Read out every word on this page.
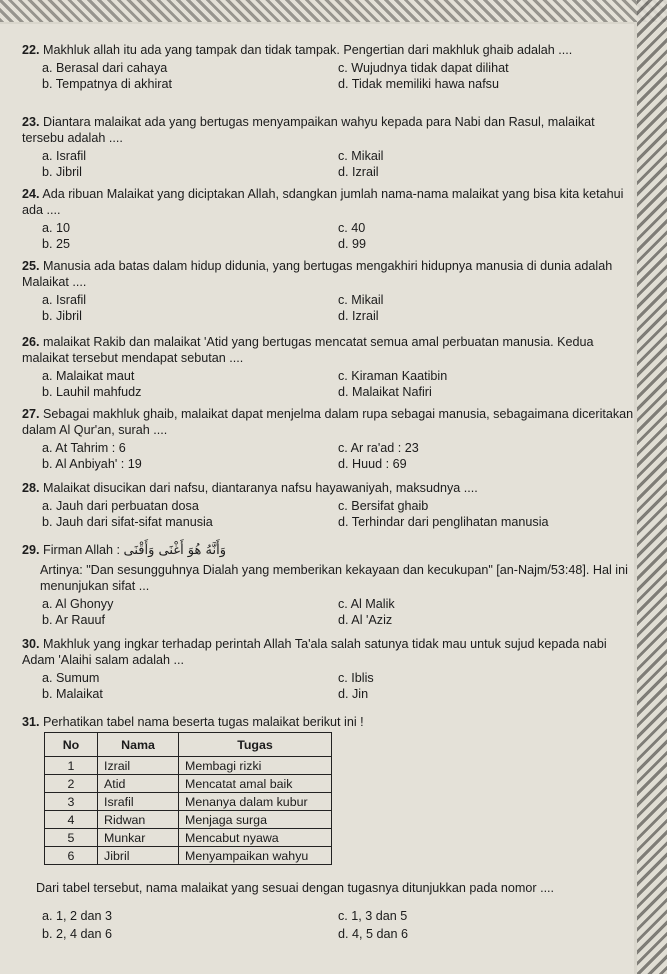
22. Makhluk allah itu ada yang tampak dan tidak tampak. Pengertian dari makhluk ghaib adalah ....
a. Berasal dari cahaya	c. Wujudnya tidak dapat dilihat
b. Tempatnya di akhirat	d. Tidak memiliki hawa nafsu
23. Diantara malaikat ada yang bertugas menyampaikan wahyu kepada para Nabi dan Rasul, malaikat tersebu adalah ....
a. Israfil	c. Mikail
b. Jibril	d. Izrail
24. Ada ribuan Malaikat yang diciptakan Allah, sdangkan jumlah nama-nama malaikat yang bisa kita ketahui ada ....
a. 10	c. 40
b. 25	d. 99
25. Manusia ada batas dalam hidup didunia, yang bertugas mengakhiri hidupnya manusia di dunia adalah Malaikat ....
a. Israfil	c. Mikail
b. Jibril	d. Izrail
26. malaikat Rakib dan malaikat 'Atid yang bertugas mencatat semua amal perbuatan manusia. Kedua malaikat tersebut mendapat sebutan ....
a. Malaikat maut	c. Kiraman Kaatibin
b. Lauhil mahfudz	d. Malaikat Nafiri
27. Sebagai makhluk ghaib, malaikat dapat menjelma dalam rupa sebagai manusia, sebagaimana diceritakan dalam Al Qur'an, surah ....
a. At Tahrim : 6	c. Ar ra'ad : 23
b. Al Anbiyah' : 19	d. Huud : 69
28. Malaikat disucikan dari nafsu, diantaranya nafsu hayawaniyah, maksudnya ....
a. Jauh dari perbuatan dosa	c. Bersifat ghaib
b. Jauh dari sifat-sifat manusia	d. Terhindar dari penglihatan manusia
29. Firman Allah : وَأَنَّهُ هُوَ أَغْنَى وَأَقْنَى
Artinya: "Dan sesungguhnya Dialah yang memberikan kekayaan dan kecukupan" [an-Najm/53:48]. Hal ini menunjukan sifat ...
a. Al Ghonyy	c. Al Malik
b. Ar Rauuf	d. Al 'Aziz
30. Makhluk yang ingkar terhadap perintah Allah Ta'ala salah satunya tidak mau untuk sujud kepada nabi Adam 'Alaihi salam adalah ...
a. Sumum	c. Iblis
b. Malaikat	d. Jin
31. Perhatikan tabel nama beserta tugas malaikat berikut ini !
No	Nama	Tugas
1	Izrail	Membagi rizki
2	Atid	Mencatat amal baik
3	Israfil	Menanya dalam kubur
4	Ridwan	Menjaga surga
5	Munkar	Mencabut nyawa
6	Jibril	Menyampaikan wahyu
Dari tabel tersebut, nama malaikat yang sesuai dengan tugasnya ditunjukkan pada nomor ....
a. 1, 2 dan 3	c. 1, 3 dan 5
b. 2, 4 dan 6	d. 4, 5 dan 6
